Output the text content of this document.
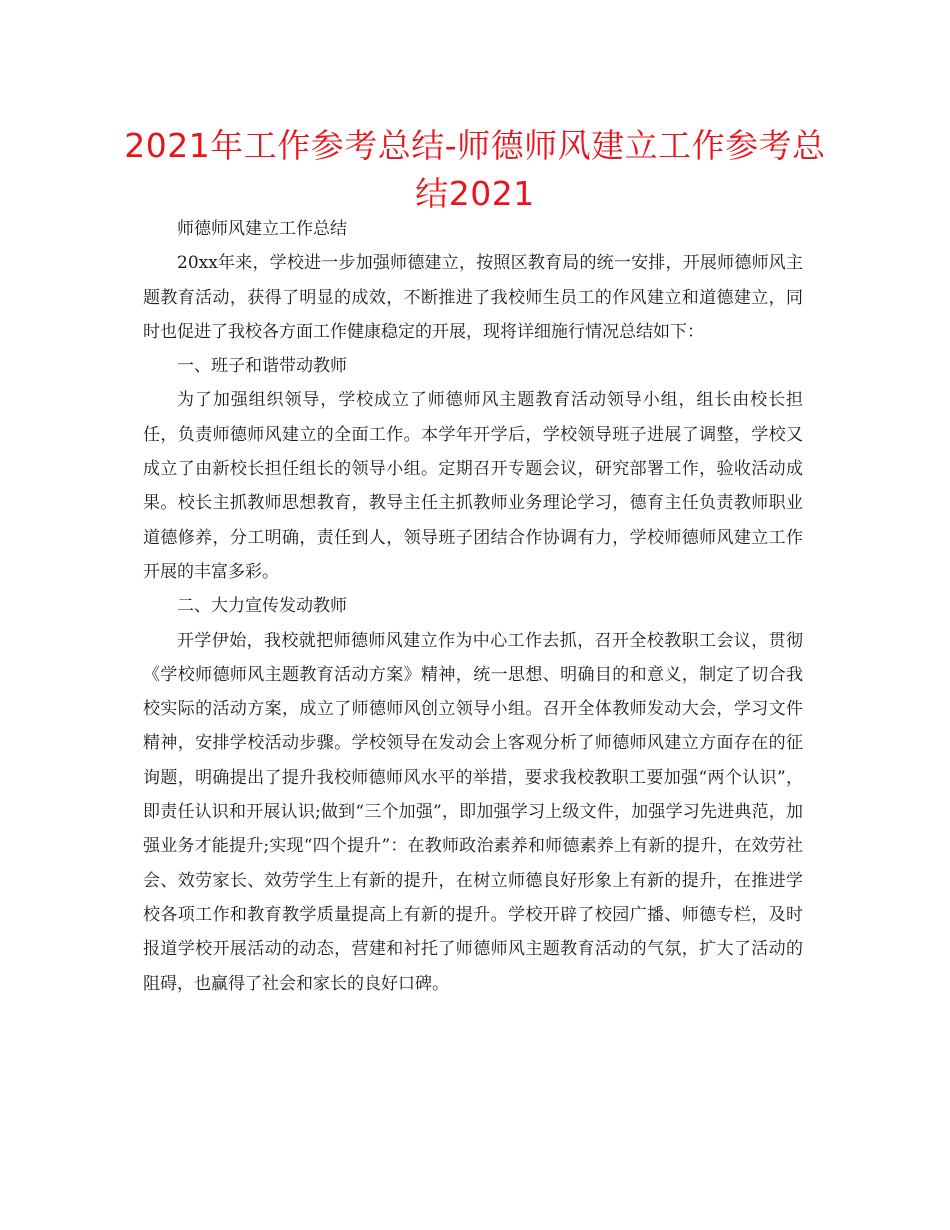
2021年工作参考总结-师德师风建立工作参考总结2021

师德师风建立工作总结

20xx年来，学校进一步加强师德建立，按照区教育局的统一安排，开展师德师风主题教育活动，获得了明显的成效，不断推进了我校师生员工的作风建立和道德建立，同时也促进了我校各方面工作健康稳定的开展，现将详细施行情况总结如下：

一、班子和谐带动教师

为了加强组织领导，学校成立了师德师风主题教育活动领导小组，组长由校长担任，负责师德师风建立的全面工作。本学年开学后，学校领导班子进展了调整，学校又成立了由新校长担任组长的领导小组。定期召开专题会议，研究部署工作，验收活动成果。校长主抓教师思想教育，教导主任主抓教师业务理论学习，德育主任负责教师职业道德修养，分工明确，责任到人，领导班子团结合作协调有力，学校师德师风建立工作开展的丰富多彩。

二、大力宣传发动教师

开学伊始，我校就把师德师风建立作为中心工作去抓，召开全校教职工会议，贯彻《学校师德师风主题教育活动方案》精神，统一思想、明确目的和意义，制定了切合我校实际的活动方案，成立了师德师风创立领导小组。召开全体教师发动大会，学习文件精神，安排学校活动步骤。学校领导在发动会上客观分析了师德师风建立方面存在的征询题，明确提出了提升我校师德师风水平的举措，要求我校教职工要加强“两个认识”，即责任认识和开展认识;做到“三个加强”，即加强学习上级文件，加强学习先进典范，加强业务才能提升;实现“四个提升”：在教师政治素养和师德素养上有新的提升，在效劳社会、效劳家长、效劳学生上有新的提升，在树立师德良好形象上有新的提升，在推进学校各项工作和教育教学质量提高上有新的提升。学校开辟了校园广播、师德专栏，及时报道学校开展活动的动态，营建和衬托了师德师风主题教育活动的气氛，扩大了活动的阻碍，也赢得了社会和家长的良好口碑。
